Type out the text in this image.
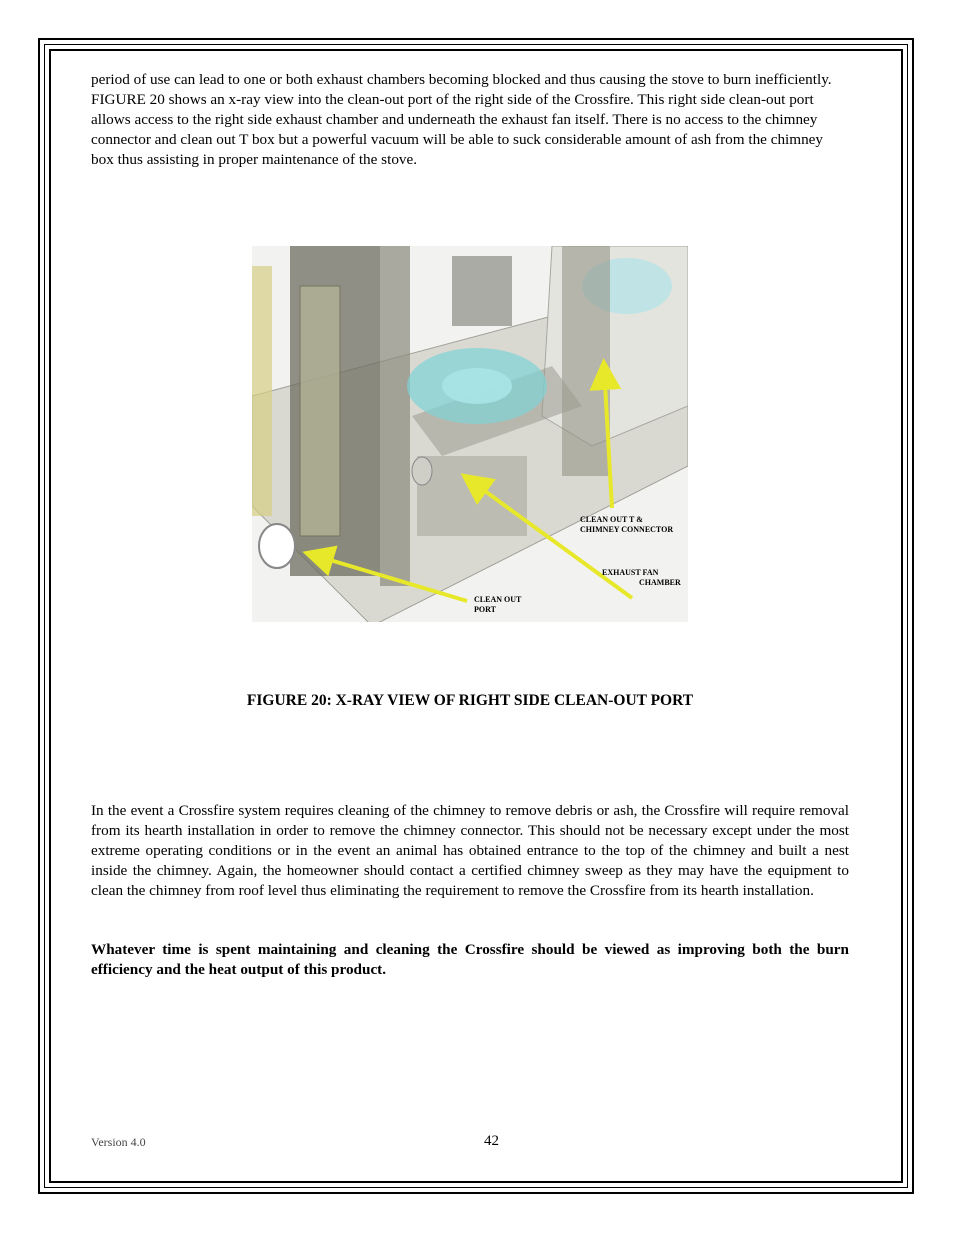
period of use can lead to one or both exhaust chambers becoming blocked and thus causing the stove to burn inefficiently. FIGURE 20 shows an x-ray view into the clean-out port of the right side of the Crossfire. This right side clean-out port allows access to the right side exhaust chamber and underneath the exhaust fan itself. There is no access to the chimney connector and clean out T box but a powerful vacuum will be able to suck considerable amount of ash from the chimney box thus assisting in proper maintenance of the stove.

CLEAN OUT T &
CHIMNEY CONNECTOR
EXHAUST FAN
CHAMBER
CLEAN OUT
PORT

FIGURE 20: X-RAY VIEW OF RIGHT SIDE CLEAN-OUT PORT

In the event a Crossfire system requires cleaning of the chimney to remove debris or ash, the Crossfire will require removal from its hearth installation in order to remove the chimney connector. This should not be necessary except under the most extreme operating conditions or in the event an animal has obtained entrance to the top of the chimney and built a nest inside the chimney. Again, the homeowner should contact a certified chimney sweep as they may have the equipment to clean the chimney from roof level thus eliminating the requirement to remove the Crossfire from its hearth installation.

Whatever time is spent maintaining and cleaning the Crossfire should be viewed as improving both the burn efficiency and the heat output of this product.

Version 4.0	42
